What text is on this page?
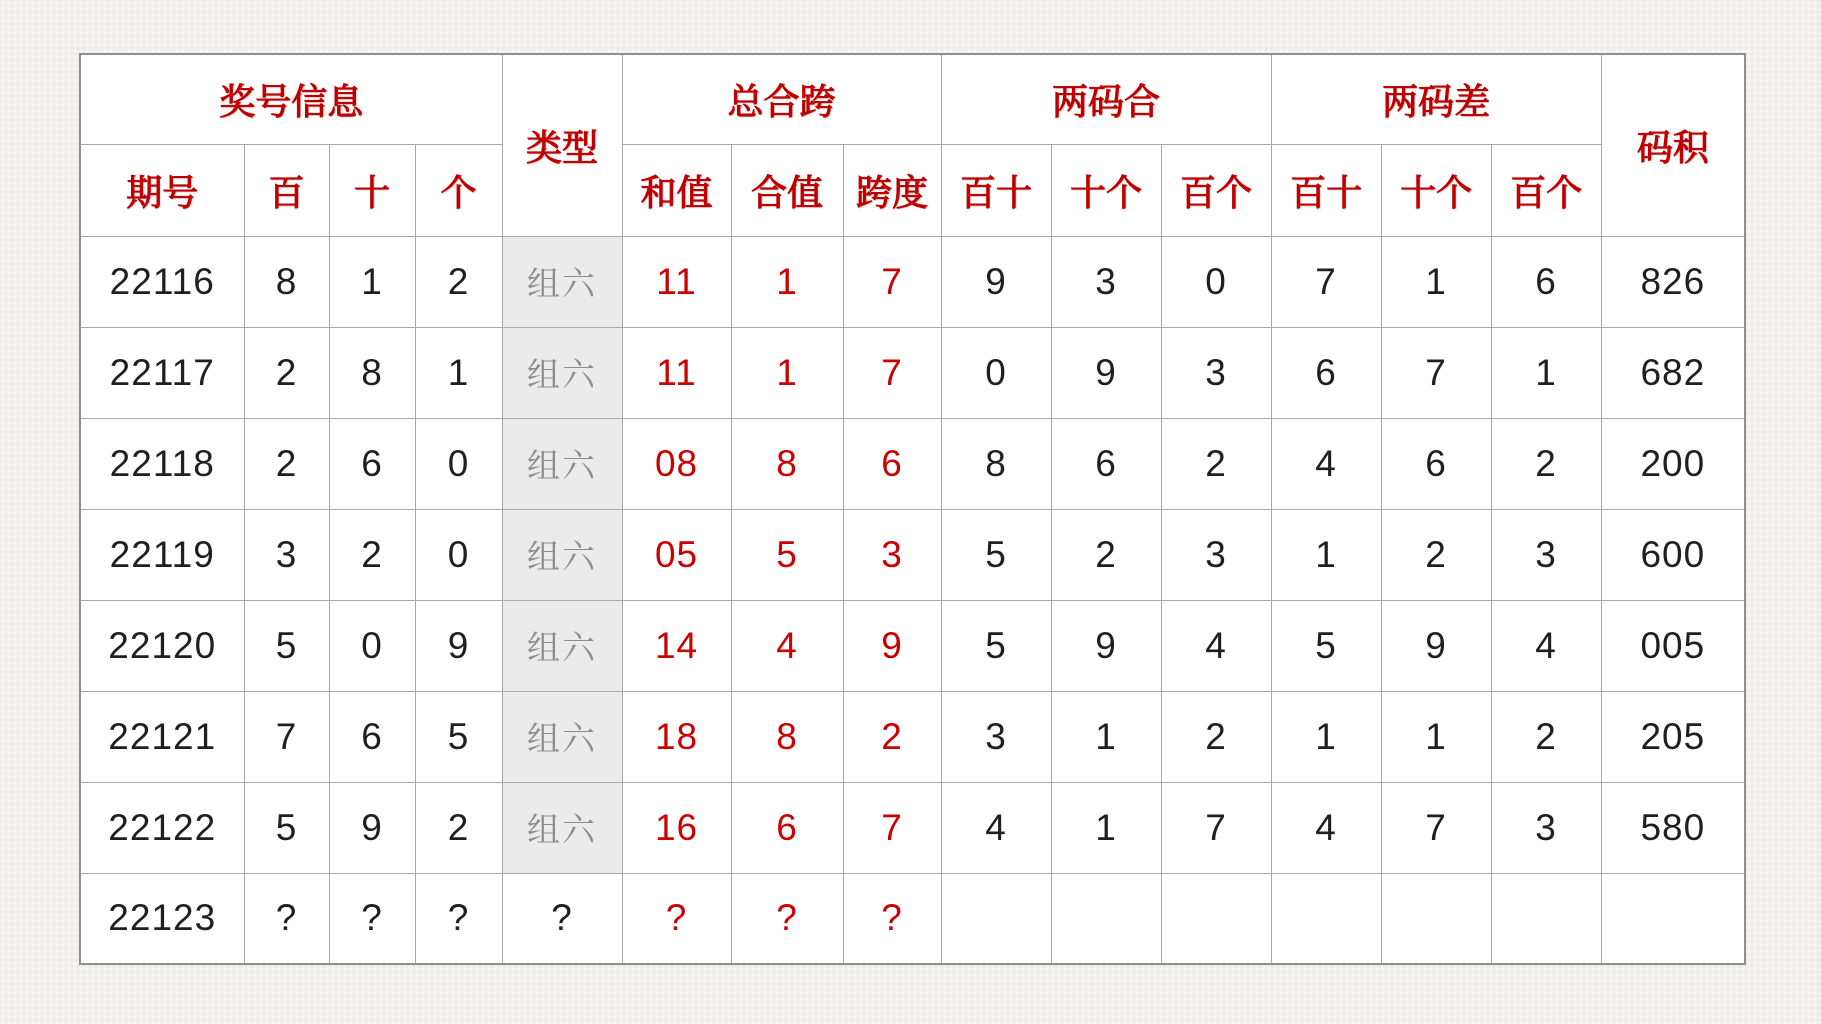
奖号信息				类型	总合跨			两码合			两码差			码积
期号	百	十	个		和值	合值	跨度	百十	十个	百个	百十	十个	百个	
22116	8	1	2	组六	11	1	7	9	3	0	7	1	6	826
22117	2	8	1	组六	11	1	7	0	9	3	6	7	1	682
22118	2	6	0	组六	08	8	6	8	6	2	4	6	2	200
22119	3	2	0	组六	05	5	3	5	2	3	1	2	3	600
22120	5	0	9	组六	14	4	9	5	9	4	5	9	4	005
22121	7	6	5	组六	18	8	2	3	1	2	1	1	2	205
22122	5	9	2	组六	16	6	7	4	1	7	4	7	3	580
22123	?	?	?	?	?	?	?							
